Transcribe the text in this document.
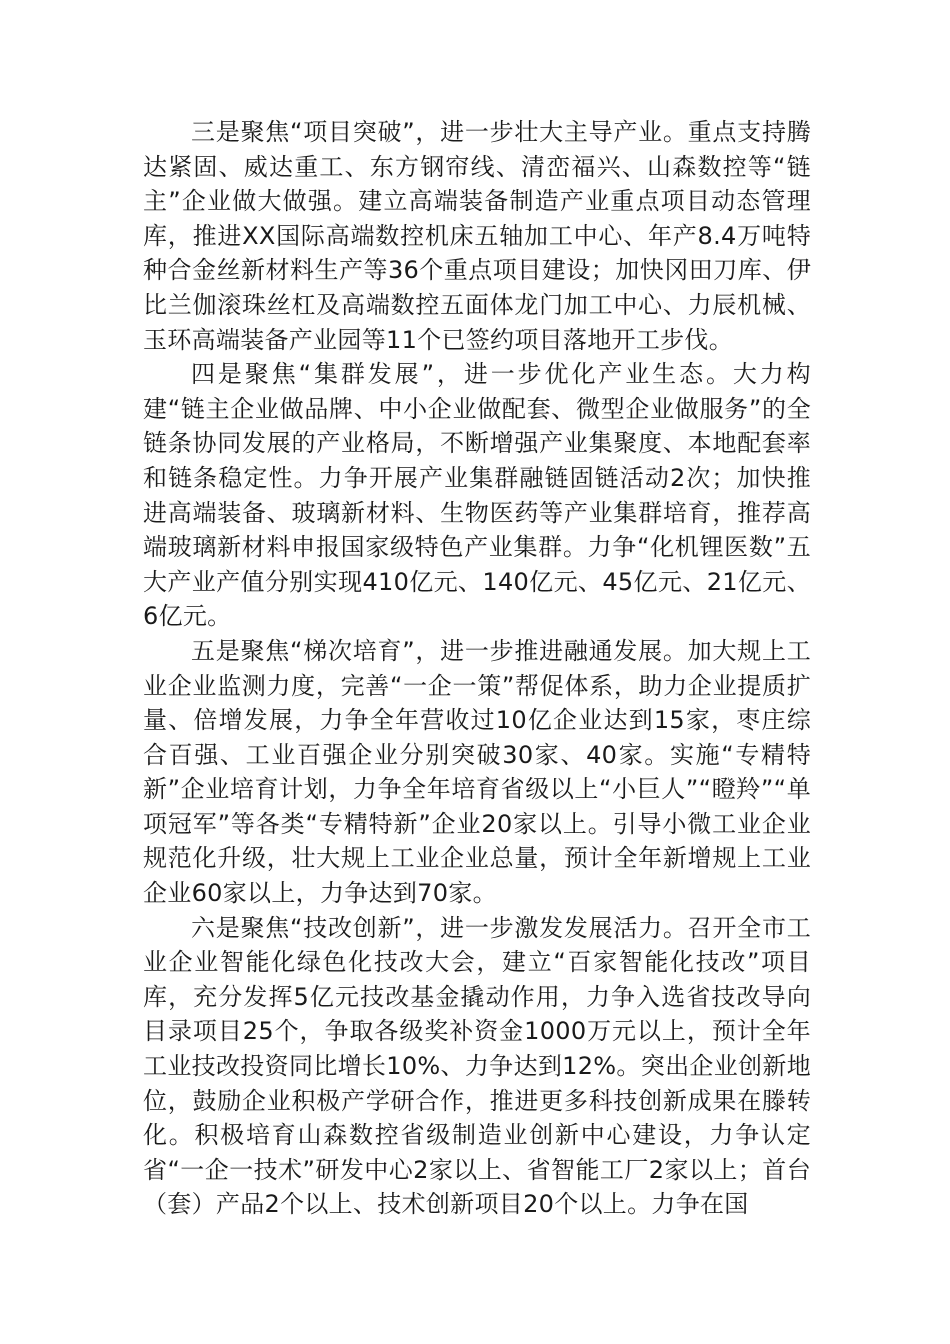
三是聚焦“项目突破”，进一步壮大主导产业。重点支持腾达紧固、威达重工、东方钢帘线、清峦福兴、山森数控等“链主”企业做大做强。建立高端装备制造产业重点项目动态管理库，推进XX国际高端数控机床五轴加工中心、年产8.4万吨特种合金丝新材料生产等36个重点项目建设；加快冈田刀库、伊比兰伽滚珠丝杠及高端数控五面体龙门加工中心、力辰机械、玉环高端装备产业园等11个已签约项目落地开工步伐。

四是聚焦“集群发展”，进一步优化产业生态。大力构建“链主企业做品牌、中小企业做配套、微型企业做服务”的全链条协同发展的产业格局，不断增强产业集聚度、本地配套率和链条稳定性。力争开展产业集群融链固链活动2次；加快推进高端装备、玻璃新材料、生物医药等产业集群培育，推荐高端玻璃新材料申报国家级特色产业集群。力争“化机锂医数”五大产业产值分别实现410亿元、140亿元、45亿元、21亿元、6亿元。

五是聚焦“梯次培育”，进一步推进融通发展。加大规上工业企业监测力度，完善“一企一策”帮促体系，助力企业提质扩量、倍增发展，力争全年营收过10亿企业达到15家，枣庄综合百强、工业百强企业分别突破30家、40家。实施“专精特新”企业培育计划，力争全年培育省级以上“小巨人”“瞪羚”“单项冠军”等各类“专精特新”企业20家以上。引导小微工业企业规范化升级，壮大规上工业企业总量，预计全年新增规上工业企业60家以上，力争达到70家。

六是聚焦“技改创新”，进一步激发发展活力。召开全市工业企业智能化绿色化技改大会，建立“百家智能化技改”项目库，充分发挥5亿元技改基金撬动作用，力争入选省技改导向目录项目25个，争取各级奖补资金1000万元以上，预计全年工业技改投资同比增长10%、力争达到12%。突出企业创新地位，鼓励企业积极产学研合作，推进更多科技创新成果在滕转化。积极培育山森数控省级制造业创新中心建设，力争认定省“一企一技术”研发中心2家以上、省智能工厂2家以上；首台（套）产品2个以上、技术创新项目20个以上。力争在国
